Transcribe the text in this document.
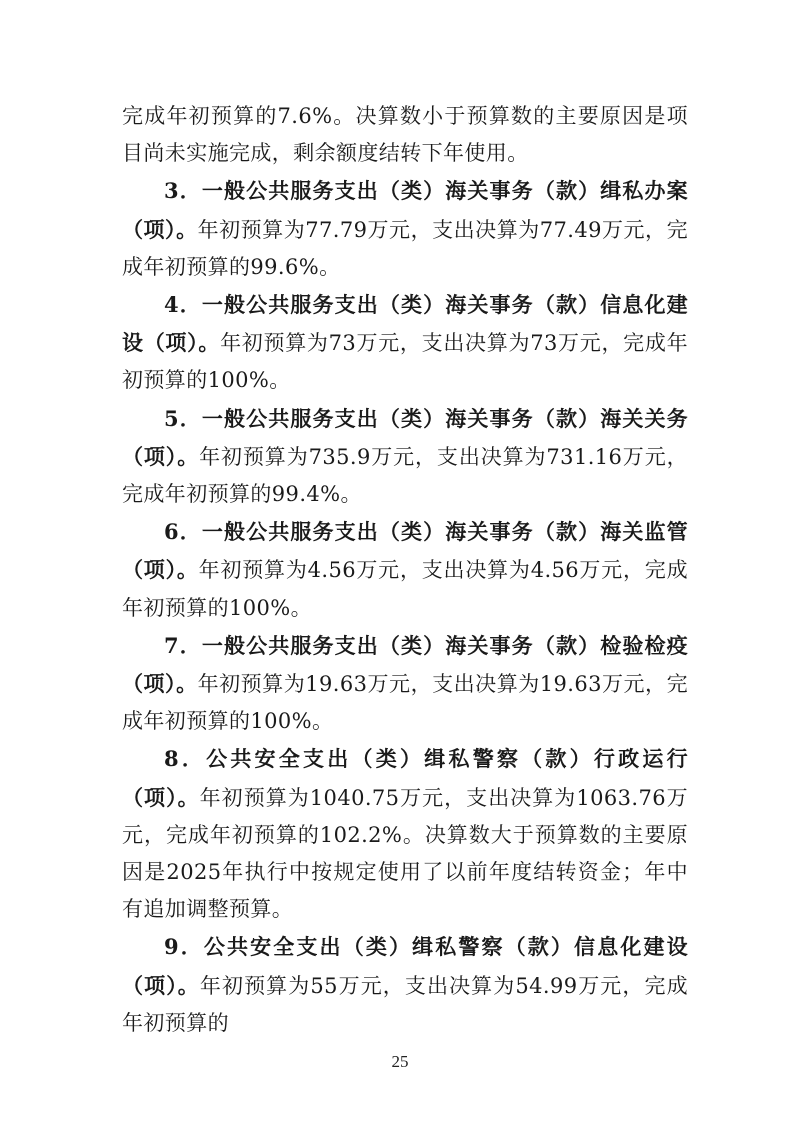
完成年初预算的7.6%。决算数小于预算数的主要原因是项目尚未实施完成，剩余额度结转下年使用。

3．一般公共服务支出（类）海关事务（款）缉私办案（项）。年初预算为77.79万元，支出决算为77.49万元，完成年初预算的99.6%。

4．一般公共服务支出（类）海关事务（款）信息化建设（项）。年初预算为73万元，支出决算为73万元，完成年初预算的100%。

5．一般公共服务支出（类）海关事务（款）海关关务（项）。年初预算为735.9万元，支出决算为731.16万元，完成年初预算的99.4%。

6．一般公共服务支出（类）海关事务（款）海关监管（项）。年初预算为4.56万元，支出决算为4.56万元，完成年初预算的100%。

7．一般公共服务支出（类）海关事务（款）检验检疫（项）。年初预算为19.63万元，支出决算为19.63万元，完成年初预算的100%。

8．公共安全支出（类）缉私警察（款）行政运行（项）。年初预算为1040.75万元，支出决算为1063.76万元，完成年初预算的102.2%。决算数大于预算数的主要原因是2025年执行中按规定使用了以前年度结转资金；年中有追加调整预算。

9．公共安全支出（类）缉私警察（款）信息化建设（项）。年初预算为55万元，支出决算为54.99万元，完成年初预算的

25
